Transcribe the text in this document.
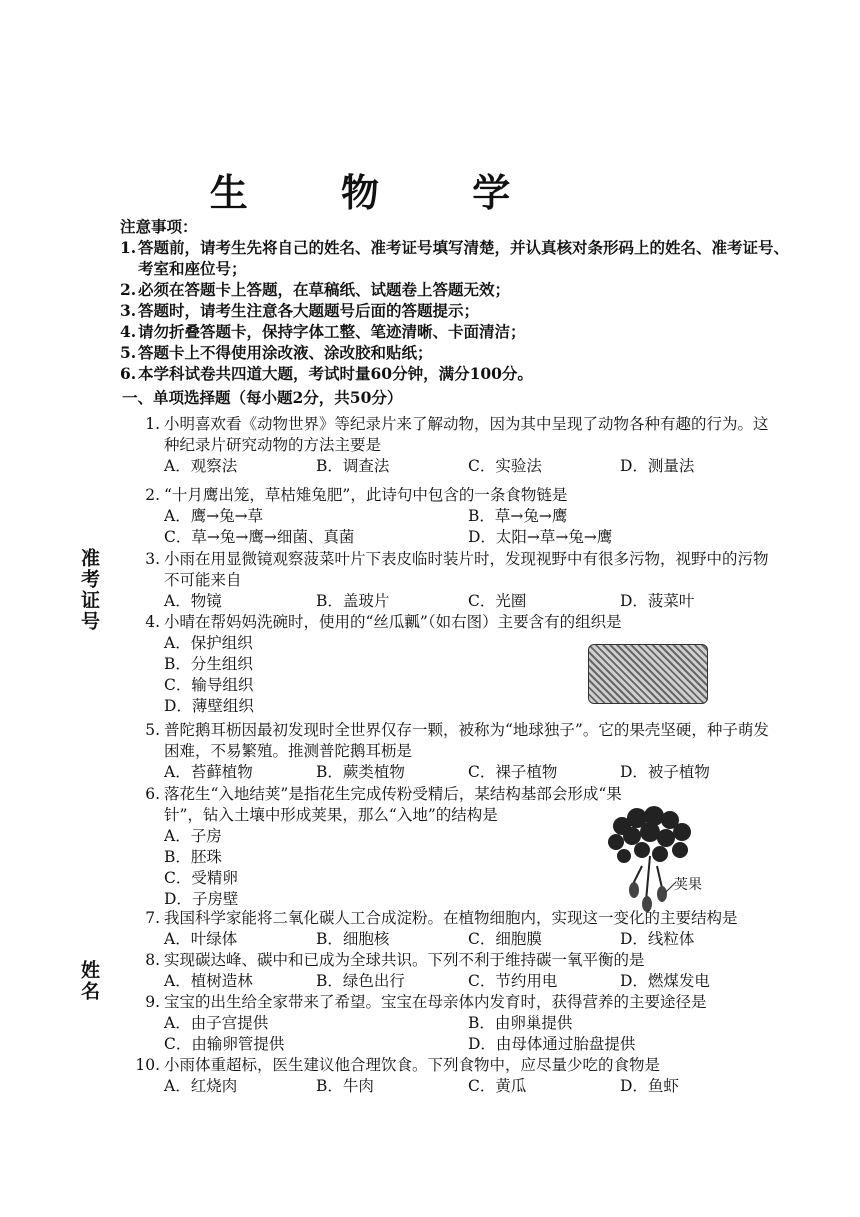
准考证号
姓名
生 物 学

注意事项：

1. 答题前，请考生先将自己的姓名、准考证号填写清楚，并认真核对条形码上的姓名、准考证号、考室和座位号；
2. 必须在答题卡上答题，在草稿纸、试题卷上答题无效；
3. 答题时，请考生注意各大题题号后面的答题提示；
4. 请勿折叠答题卡，保持字体工整、笔迹清晰、卡面清洁；
5. 答题卡上不得使用涂改液、涂改胶和贴纸；
6. 本学科试卷共四道大题，考试时量60分钟，满分100分。
一、单项选择题（每小题2分，共50分）
1. 小明喜欢看《动物世界》等纪录片来了解动物，因为其中呈现了动物各种有趣的行为。这种纪录片研究动物的方法主要是
A．观察法	B．调查法	C．实验法	D．测量法
2. “十月鹰出笼，草枯雉兔肥”，此诗句中包含的一条食物链是
A．鹰→兔→草	B．草→兔→鹰
C．草→兔→鹰→细菌、真菌	D．太阳→草→兔→鹰
3. 小雨在用显微镜观察菠菜叶片下表皮临时装片时，发现视野中有很多污物，视野中的污物不可能来自
A．物镜	B．盖玻片	C．光圈	D．菠菜叶
4. 小晴在帮妈妈洗碗时，使用的“丝瓜瓤”（如右图）主要含有的组织是
A．保护组织
B．分生组织
C．输导组织
D．薄壁组织
5. 普陀鹅耳枥因最初发现时全世界仅存一颗，被称为“地球独子”。它的果壳坚硬，种子萌发困难，不易繁殖。推测普陀鹅耳枥是
A．苔藓植物	B．蕨类植物	C．裸子植物	D．被子植物
6. 落花生“入地结荚”是指花生完成传粉受精后，某结构基部会形成“果针”，钻入土壤中形成荚果，那么“入地”的结构是
A．子房
B．胚珠
C．受精卵
D．子房壁
荚果
7. 我国科学家能将二氧化碳人工合成淀粉。在植物细胞内，实现这一变化的主要结构是
A．叶绿体	B．细胞核	C．细胞膜	D．线粒体
8. 实现碳达峰、碳中和已成为全球共识。下列不利于维持碳一氧平衡的是
A．植树造林	B．绿色出行	C．节约用电	D．燃煤发电
9. 宝宝的出生给全家带来了希望。宝宝在母亲体内发育时，获得营养的主要途径是
A．由子宫提供	B．由卵巢提供
C．由输卵管提供	D．由母体通过胎盘提供
10. 小雨体重超标，医生建议他合理饮食。下列食物中，应尽量少吃的食物是
A．红烧肉	B．牛肉	C．黄瓜	D．鱼虾
